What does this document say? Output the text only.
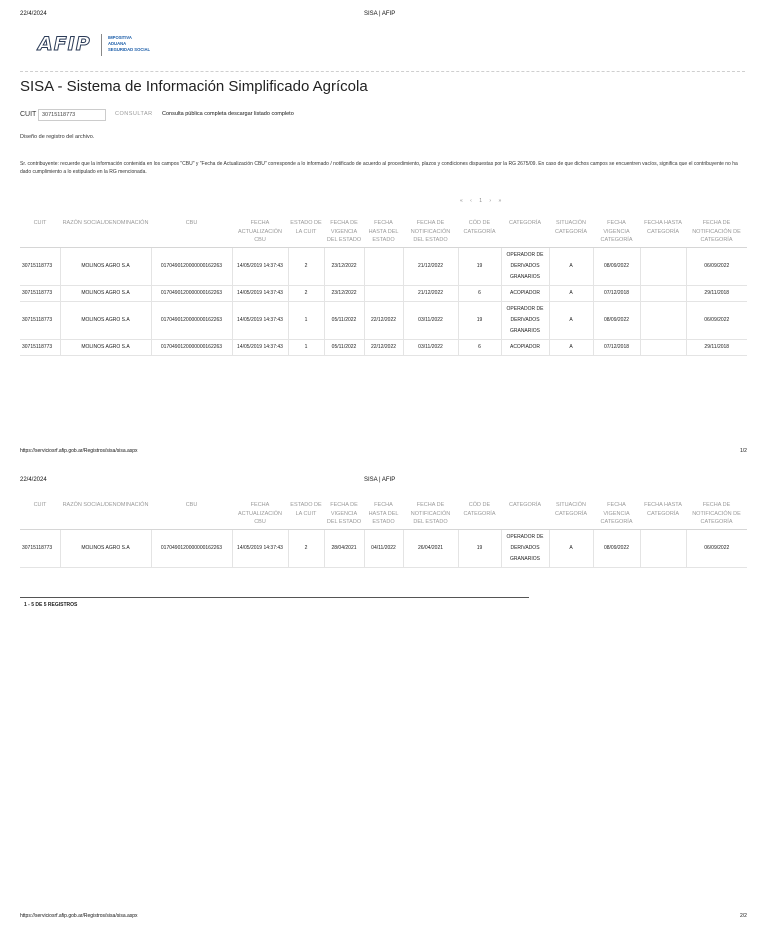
22/4/2024	SISA | AFIP
AFIP	IMPOSITIVA
ADUANA
SEGURIDAD SOCIAL
SISA - Sistema de Información Simplificado Agrícola
CUIT
30715118773	CONSULTAR Consulta pública completa descargar listado completo
Diseño de registro del archivo.
Sr. contribuyente: recuerde que la información contenida en los campos "CBU" y "Fecha de Actualización CBU" corresponde a lo informado / notificado de acuerdo al procedimiento, plazos y condiciones dispuestas por la RG 2675/09. En caso de que dichos campos se encuentren vacíos, significa que el contribuyente no ha dado cumplimiento a lo estipulado en la RG mencionada.
« ‹ 1 › »
CUIT	RAZÓN SOCIAL/DENOMINACIÓN	CBU	FECHA ACTUALIZACIÓN CBU	ESTADO DE LA CUIT	FECHA DE VIGENCIA DEL ESTADO	FECHA HASTA DEL ESTADO	FECHA DE NOTIFICACIÓN DEL ESTADO	CÓD DE CATEGORÍA	CATEGORÍA	SITUACIÓN CATEGORÍA	FECHA VIGENCIA CATEGORÍA	FECHA HASTA CATEGORÍA	FECHA DE NOTIFICACIÓN DE CATEGORÍA
30715118773	MOLINOS AGRO S.A	0170490120000000162263	14/05/2019 14:37:43	2	23/12/2022		21/12/2022	19	OPERADOR DE DERIVADOS GRANARIOS	A	08/09/2022		06/09/2022
30715118773	MOLINOS AGRO S.A	0170490120000000162263	14/05/2019 14:37:43	2	23/12/2022		21/12/2022	6	ACOPIADOR	A	07/12/2018		29/11/2018
30715118773	MOLINOS AGRO S.A	0170490120000000162263	14/05/2019 14:37:43	1	05/11/2022	22/12/2022	03/11/2022	19	OPERADOR DE DERIVADOS GRANARIOS	A	08/09/2022		06/09/2022
30715118773	MOLINOS AGRO S.A	0170490120000000162263	14/05/2019 14:37:43	1	05/11/2022	22/12/2022	03/11/2022	6	ACOPIADOR	A	07/12/2018		29/11/2018
https://serviciosrf.afip.gob.ar/Registros/sisa/sisa.aspx	1/2
22/4/2024	SISA | AFIP
CUIT	RAZÓN SOCIAL/DENOMINACIÓN	CBU	FECHA ACTUALIZACIÓN CBU	ESTADO DE LA CUIT	FECHA DE VIGENCIA DEL ESTADO	FECHA HASTA DEL ESTADO	FECHA DE NOTIFICACIÓN DEL ESTADO	CÓD DE CATEGORÍA	CATEGORÍA	SITUACIÓN CATEGORÍA	FECHA VIGENCIA CATEGORÍA	FECHA HASTA CATEGORÍA	FECHA DE NOTIFICACIÓN DE CATEGORÍA
30715118773	MOLINOS AGRO S.A	0170490120000000162263	14/05/2019 14:37:43	2	28/04/2021	04/11/2022	26/04/2021	19	OPERADOR DE DERIVADOS GRANARIOS	A	08/09/2022		06/09/2022
1 - 5 DE 5 REGISTROS
https://serviciosrf.afip.gob.ar/Registros/sisa/sisa.aspx	2/2
